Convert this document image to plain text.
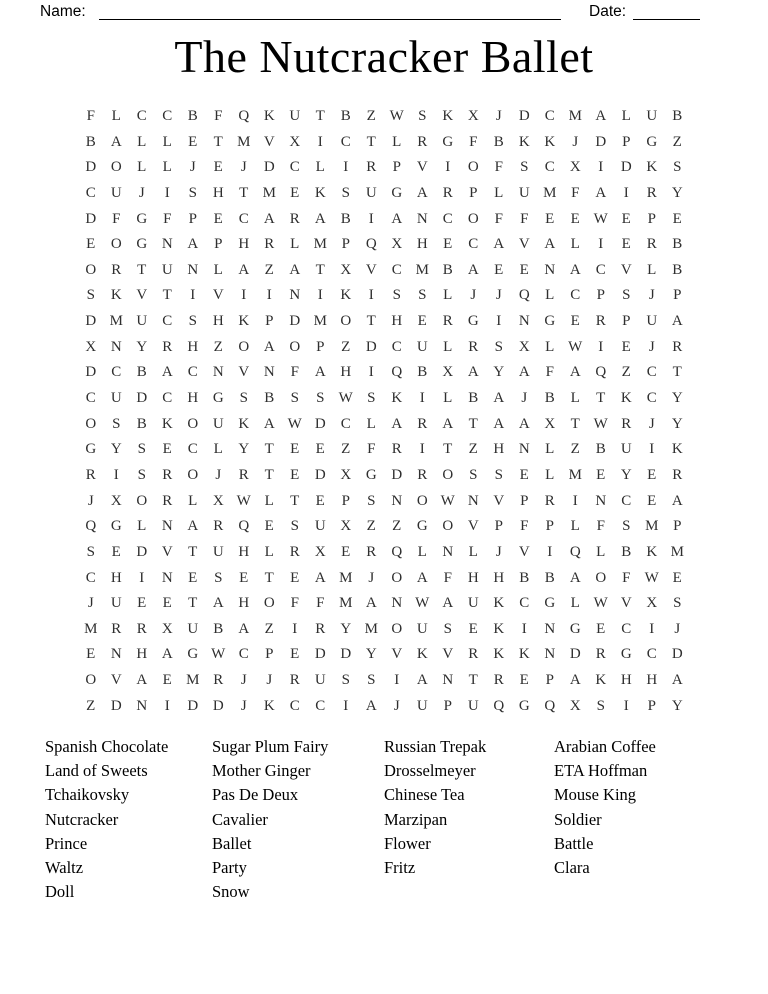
Name:	Date:
The Nutcracker Ballet
F	L	C	C	B	F	Q K U	T	B	Z W S	K X	J	D	C M A	L	U	B
B	A	L	L	E	T M V X	I	C	T	L	R	G	F	B	K K	J	D	P	G	Z
D O	L	L	J	E	J	D	C	L	I	R	P	V	I	O	F	S	C	X	I	D K	S
C	U	J	I	S	H	T M E	K	S	U G A	R	P	L	U M F	A	I	R	Y
D	F	G	F	P	E	C	A	R	A	B	I	A N	C	O	F	F	E	E W E	P	E
E	O G N A	P	H	R	L M P	Q X H	E	C	A V A	L	I	E	R	B
O	R	T	U N	L	A	Z	A	T	X V	C M B	A	E	E	N A	C	V	L	B
S	K V	T	I	V	I	I	N	I	K	I	S	S	L	J	J	Q	L	C	P	S	J	P
D M U	C	S	H K	P	D M O	T	H	E	R	G	I	N G	E	R	P	U A
X N Y	R	H	Z	O A O	P	Z	D	C	U	L	R	S	X	L W	I	E	J	R
D	C	B	A	C	N V N	F	A H	I	Q	B	X A Y A	F	A Q	Z	C	T
C	U D	C	H G	S	B	S	S W S	K	I	L	B	A	J	B	L	T	K	C	Y
O	S	B	K O U K A W D	C	L	A	R	A	T	A A X	T W R	J	Y
G Y	S	E	C	L	Y	T	E	E	Z	F	R	I	T	Z	H N	L	Z	B	U	I	K
R	I	S	R	O	J	R	T	E	D X G D	R	O	S	S	E	L M E	Y	E	R
J	X O	R	L	X W L	T	E	P	S	N O W N V	P	R	I	N	C	E	A
Q G	L	N A	R	Q	E	S	U X	Z	Z	G O V	P	F	P	L	F	S M P
S	E	D V	T	U H	L	R	X	E	R	Q	L	N	L	J	V	I	Q	L	B	K M
C	H	I	N	E	S	E	T	E	A M	J	O A	F	H H	B	B	A O	F W E
J	U	E	E	T	A H O	F	F M A N W A U K	C	G	L W V X	S
M R	R	X U	B	A	Z	I	R	Y M O U	S	E	K	I	N G	E	C	I	J
E	N H A G W C	P	E	D D Y V K V	R	K K N D	R	G	C	D
O V A	E M R	J	J	R	U	S	S	I	A N	T	R	E	P	A K H H A
Z	D N	I	D D	J	K	C	C	I	A	J	U	P	U Q G Q X	S	I	P	Y
Spanish Chocolate
Land of Sweets
Tchaikovsky
Nutcracker
Prince
Waltz
Doll
Sugar Plum Fairy
Mother Ginger
Pas De Deux
Cavalier
Ballet
Party
Snow
Russian Trepak
Drosselmeyer
Chinese Tea
Marzipan
Flower
Fritz
Arabian Coffee
ETA Hoffman
Mouse King
Soldier
Battle
Clara
